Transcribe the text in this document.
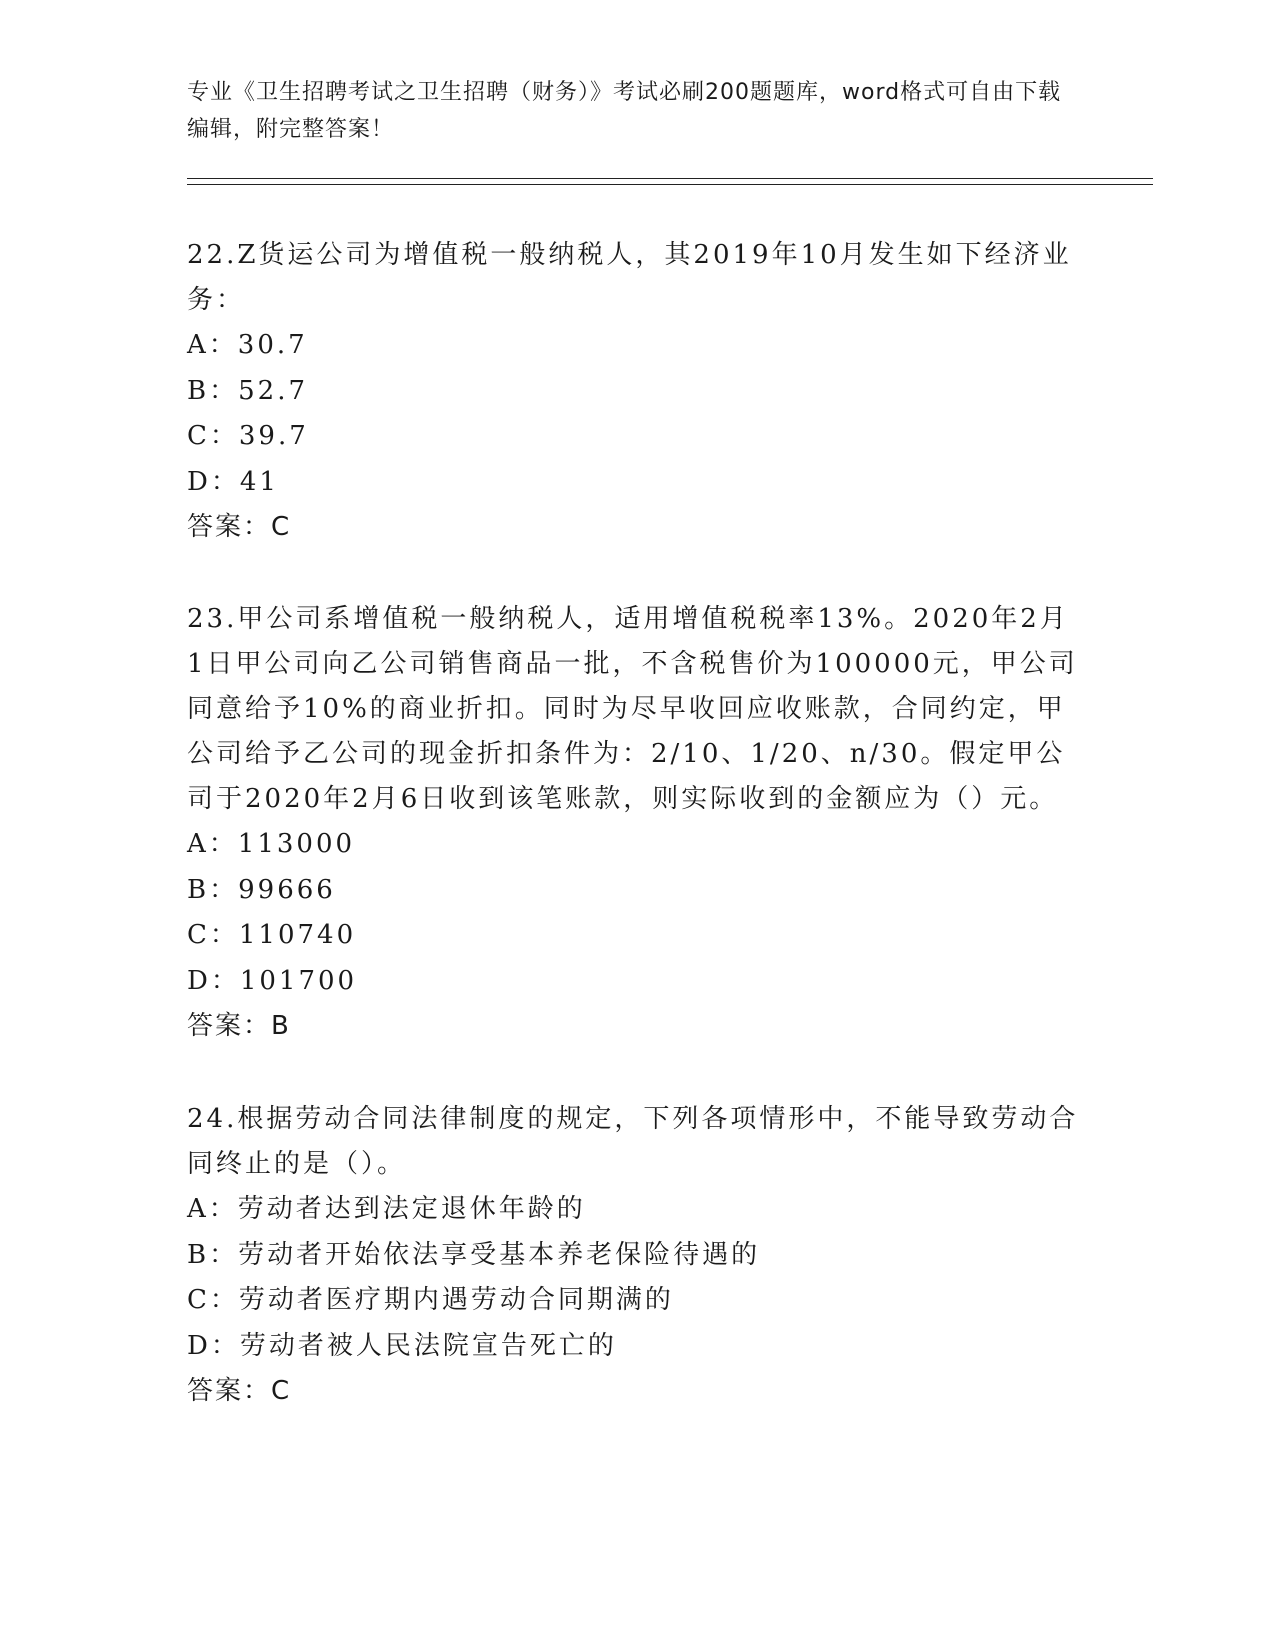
专业《卫生招聘考试之卫生招聘（财务）》考试必刷200题题库，word格式可自由下载编辑，附完整答案！
22.Z货运公司为增值税一般纳税人，其2019年10月发生如下经济业务：
A：30.7
B：52.7
C：39.7
D：41
答案：C
23.甲公司系增值税一般纳税人，适用增值税税率13%。2020年2月1日甲公司向乙公司销售商品一批，不含税售价为100000元，甲公司同意给予10%的商业折扣。同时为尽早收回应收账款，合同约定，甲公司给予乙公司的现金折扣条件为：2/10、1/20、n/30。假定甲公司于2020年2月6日收到该笔账款，则实际收到的金额应为（）元。
A：113000
B：99666
C：110740
D：101700
答案：B
24.根据劳动合同法律制度的规定，下列各项情形中，不能导致劳动合同终止的是（）。
A：劳动者达到法定退休年龄的
B：劳动者开始依法享受基本养老保险待遇的
C：劳动者医疗期内遇劳动合同期满的
D：劳动者被人民法院宣告死亡的
答案：C
